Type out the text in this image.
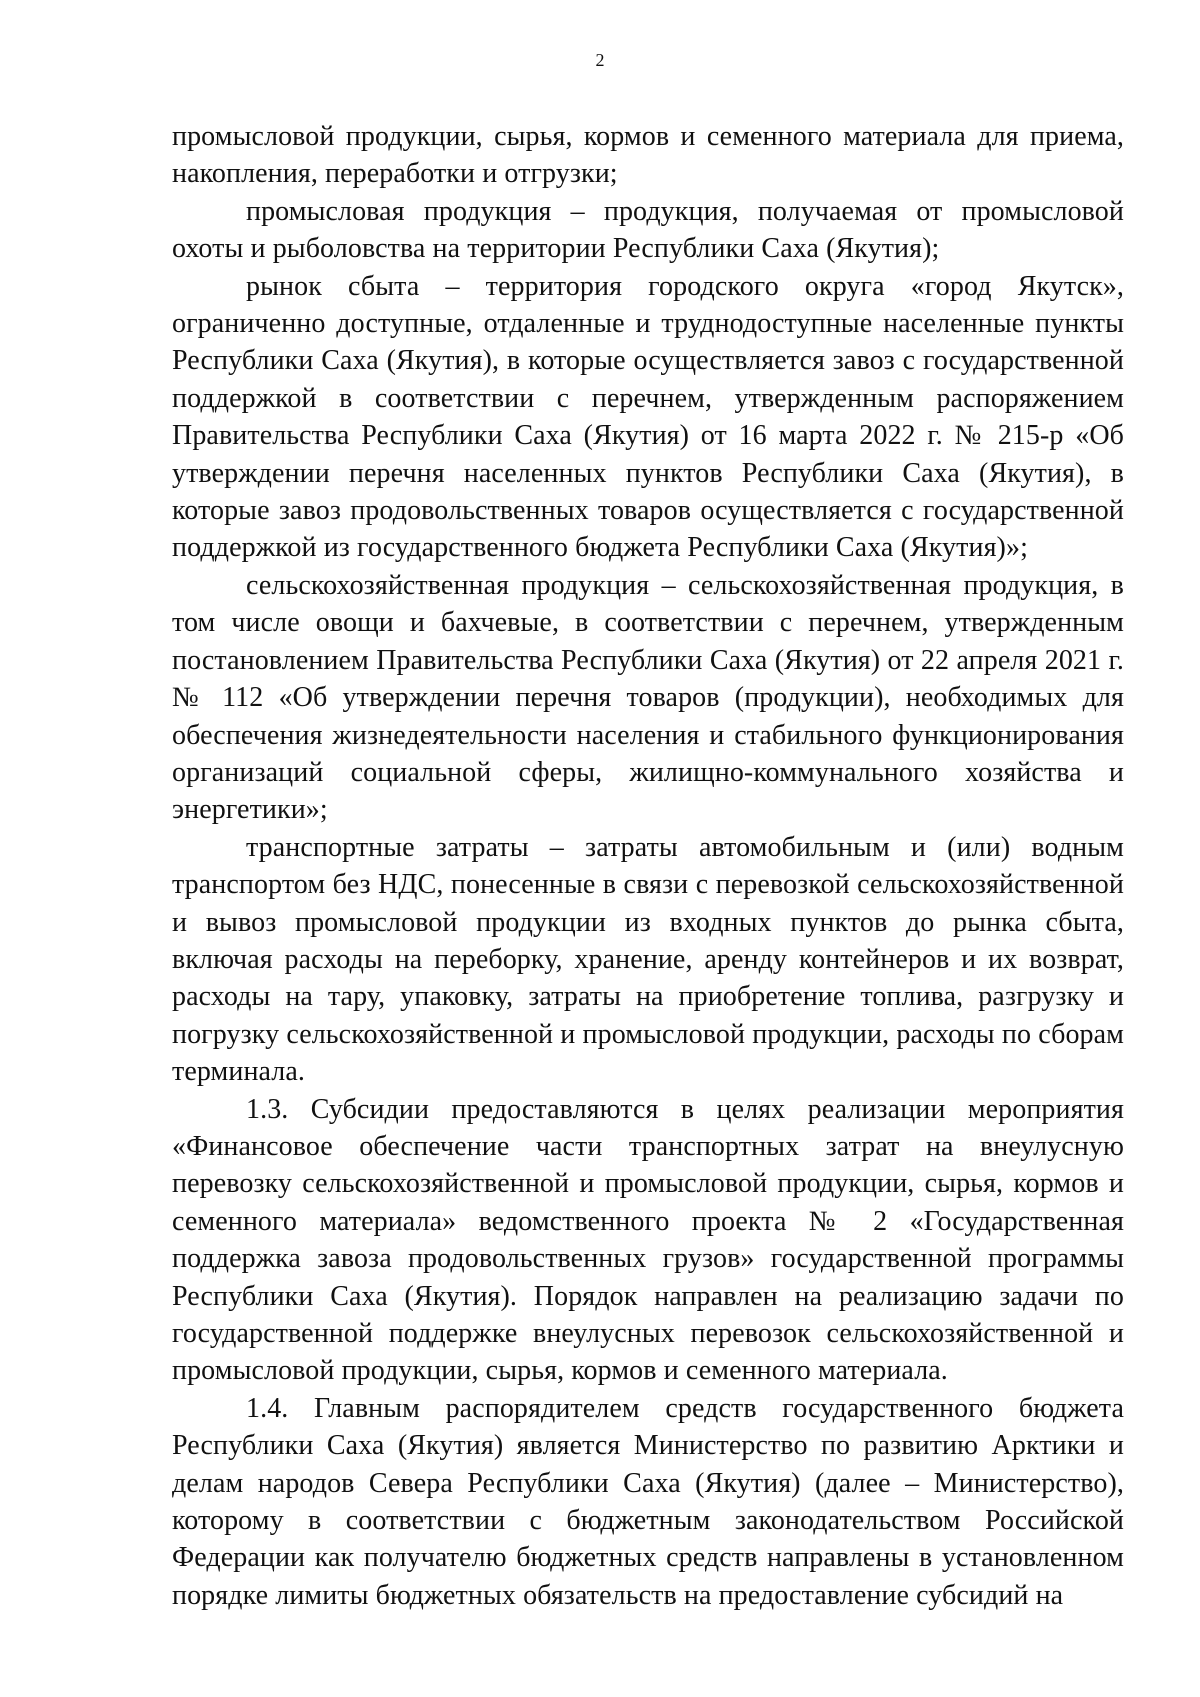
2

промысловой продукции, сырья, кормов и семенного материала для приема, накопления, переработки и отгрузки;

промысловая продукция – продукция, получаемая от промысловой охоты и рыболовства на территории Республики Саха (Якутия);

рынок сбыта – территория городского округа «город Якутск», ограниченно доступные, отдаленные и труднодоступные населенные пункты Республики Саха (Якутия), в которые осуществляется завоз с государственной поддержкой в соответствии с перечнем, утвержденным распоряжением Правительства Республики Саха (Якутия) от 16 марта 2022 г. № 215-р «Об утверждении перечня населенных пунктов Республики Саха (Якутия), в которые завоз продовольственных товаров осуществляется с государственной поддержкой из государственного бюджета Республики Саха (Якутия)»;

сельскохозяйственная продукция – сельскохозяйственная продукция, в том числе овощи и бахчевые, в соответствии с перечнем, утвержденным постановлением Правительства Республики Саха (Якутия) от 22 апреля 2021 г. № 112 «Об утверждении перечня товаров (продукции), необходимых для обеспечения жизнедеятельности населения и стабильного функционирования организаций социальной сферы, жилищно-коммунального хозяйства и энергетики»;

транспортные затраты – затраты автомобильным и (или) водным транспортом без НДС, понесенные в связи с перевозкой сельскохозяйственной и вывоз промысловой продукции из входных пунктов до рынка сбыта, включая расходы на переборку, хранение, аренду контейнеров и их возврат, расходы на тару, упаковку, затраты на приобретение топлива, разгрузку и погрузку сельскохозяйственной и промысловой продукции, расходы по сборам терминала.

1.3. Субсидии предоставляются в целях реализации мероприятия «Финансовое обеспечение части транспортных затрат на внеулусную перевозку сельскохозяйственной и промысловой продукции, сырья, кормов и семенного материала» ведомственного проекта № 2 «Государственная поддержка завоза продовольственных грузов» государственной программы Республики Саха (Якутия). Порядок направлен на реализацию задачи по государственной поддержке внеулусных перевозок сельскохозяйственной и промысловой продукции, сырья, кормов и семенного материала.

1.4. Главным распорядителем средств государственного бюджета Республики Саха (Якутия) является Министерство по развитию Арктики и делам народов Севера Республики Саха (Якутия) (далее – Министерство), которому в соответствии с бюджетным законодательством Российской Федерации как получателю бюджетных средств направлены в установленном порядке лимиты бюджетных обязательств на предоставление субсидий на
